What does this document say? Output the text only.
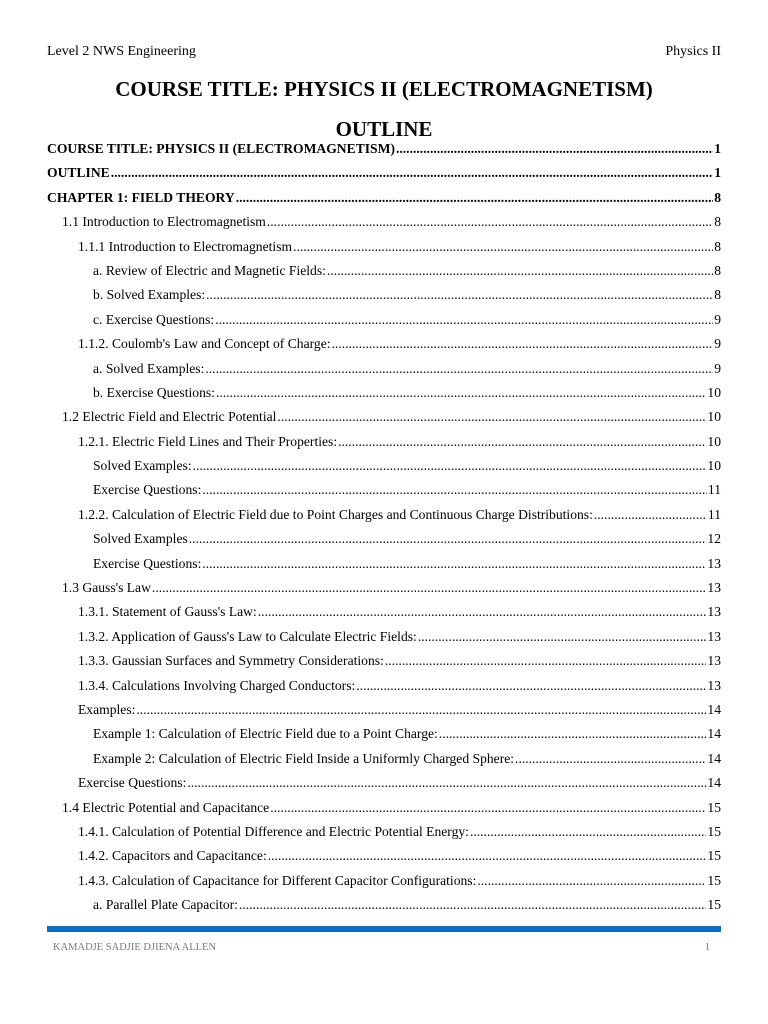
Level 2 NWS Engineering	Physics II
COURSE TITLE: PHYSICS II (ELECTROMAGNETISM)
OUTLINE
COURSE TITLE: PHYSICS II (ELECTROMAGNETISM) .....	1
OUTLINE .....	1
CHAPTER 1: FIELD THEORY .....	8
1.1 Introduction to Electromagnetism .....	8
1.1.1 Introduction to Electromagnetism .....	8
a. Review of Electric and Magnetic Fields: .....	8
b. Solved Examples: .....	8
c. Exercise Questions: .....	9
1.1.2. Coulomb's Law and Concept of Charge: .....	9
a. Solved Examples: .....	9
b. Exercise Questions: .....	10
1.2 Electric Field and Electric Potential .....	10
1.2.1. Electric Field Lines and Their Properties: .....	10
Solved Examples: .....	10
Exercise Questions: .....	11
1.2.2. Calculation of Electric Field due to Point Charges and Continuous Charge Distributions: .....	11
Solved Examples .....	12
Exercise Questions: .....	13
1.3 Gauss's Law .....	13
1.3.1. Statement of Gauss's Law: .....	13
1.3.2. Application of Gauss's Law to Calculate Electric Fields: .....	13
1.3.3. Gaussian Surfaces and Symmetry Considerations: .....	13
1.3.4. Calculations Involving Charged Conductors: .....	13
Examples: .....	14
Example 1: Calculation of Electric Field due to a Point Charge: .....	14
Example 2: Calculation of Electric Field Inside a Uniformly Charged Sphere: .....	14
Exercise Questions: .....	14
1.4 Electric Potential and Capacitance .....	15
1.4.1. Calculation of Potential Difference and Electric Potential Energy: .....	15
1.4.2. Capacitors and Capacitance: .....	15
1.4.3. Calculation of Capacitance for Different Capacitor Configurations: .....	15
a. Parallel Plate Capacitor: .....	15
KAMADJE SADJIE DJIENA ALLEN	1
